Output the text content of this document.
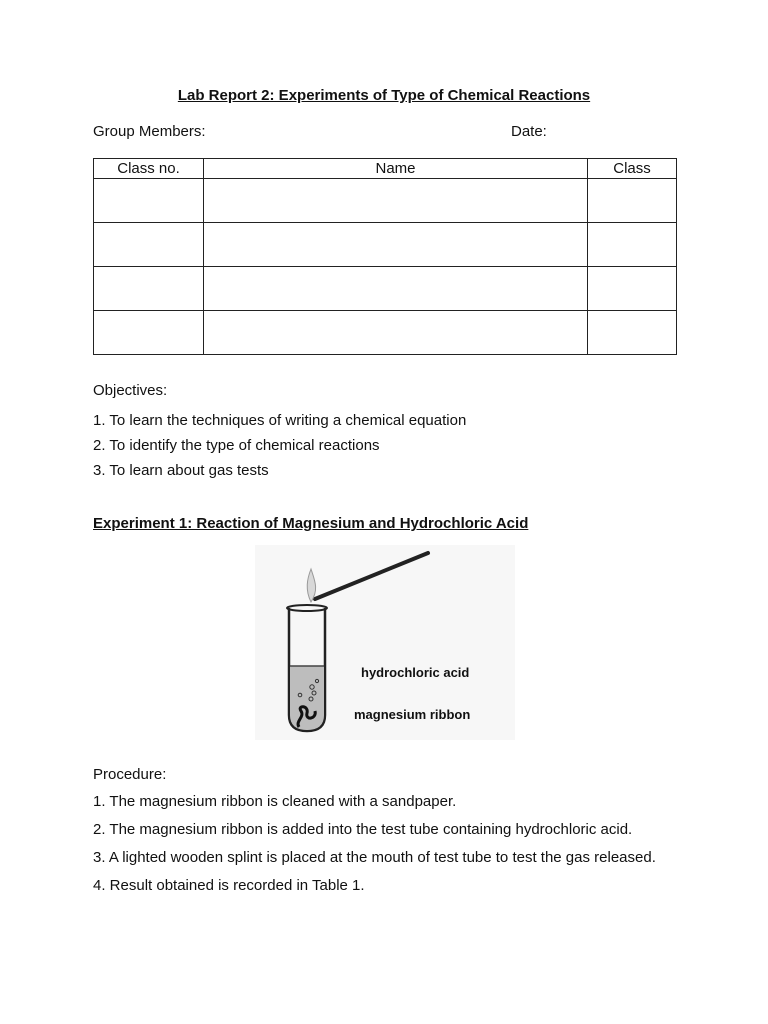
Lab Report 2: Experiments of Type of Chemical Reactions
Group Members:	Date:
Class no.	Name	Class

Objectives:
1. To learn the techniques of writing a chemical equation
2. To identify the type of chemical reactions
3. To learn about gas tests
Experiment 1: Reaction of Magnesium and Hydrochloric Acid
hydrochloric acid
magnesium ribbon
Procedure:
1. The magnesium ribbon is cleaned with a sandpaper.
2. The magnesium ribbon is added into the test tube containing hydrochloric acid.
3. A lighted wooden splint is placed at the mouth of test tube to test the gas released.
4. Result obtained is recorded in Table 1.
